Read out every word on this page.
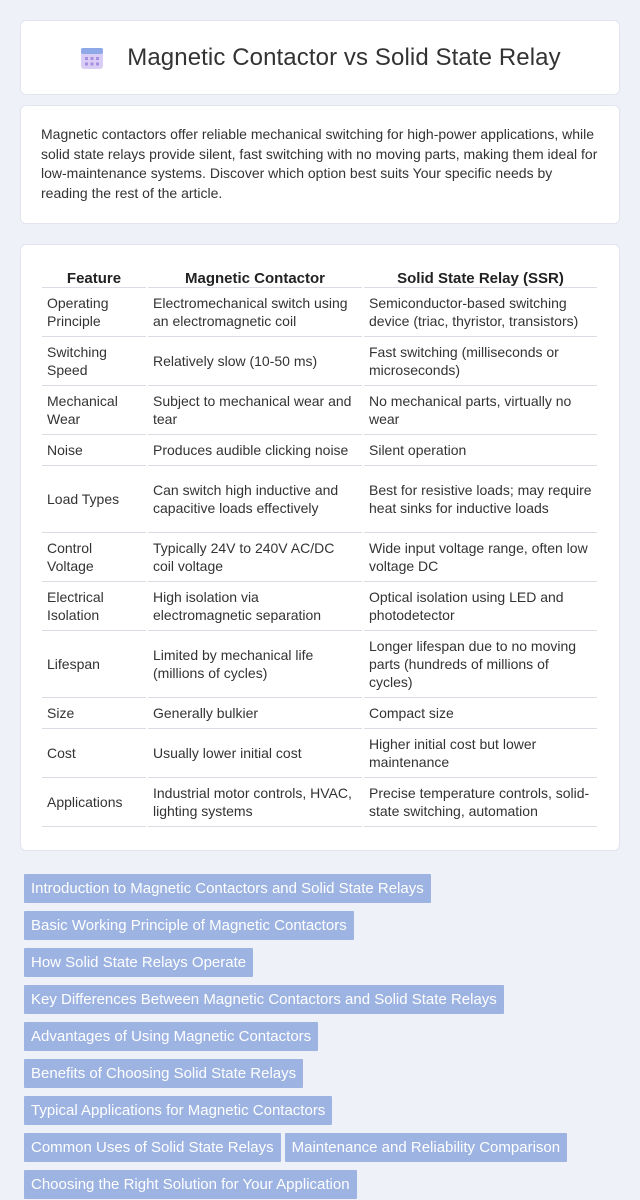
Magnetic Contactor vs Solid State Relay

Magnetic contactors offer reliable mechanical switching for high-power applications, while solid state relays provide silent, fast switching with no moving parts, making them ideal for low-maintenance systems. Discover which option best suits Your specific needs by reading the rest of the article.

Feature	Magnetic Contactor	Solid State Relay (SSR)
Operating Principle	Electromechanical switch using an electromagnetic coil	Semiconductor-based switching device (triac, thyristor, transistors)
Switching Speed	Relatively slow (10-50 ms)	Fast switching (milliseconds or microseconds)
Mechanical Wear	Subject to mechanical wear and tear	No mechanical parts, virtually no wear
Noise	Produces audible clicking noise	Silent operation
Load Types	Can switch high inductive and capacitive loads effectively	Best for resistive loads; may require heat sinks for inductive loads
Control Voltage	Typically 24V to 240V AC/DC coil voltage	Wide input voltage range, often low voltage DC
Electrical Isolation	High isolation via electromagnetic separation	Optical isolation using LED and photodetector
Lifespan	Limited by mechanical life (millions of cycles)	Longer lifespan due to no moving parts (hundreds of millions of cycles)
Size	Generally bulkier	Compact size
Cost	Usually lower initial cost	Higher initial cost but lower maintenance
Applications	Industrial motor controls, HVAC, lighting systems	Precise temperature controls, solid-state switching, automation
Introduction to Magnetic Contactors and Solid State Relays
Basic Working Principle of Magnetic Contactors
How Solid State Relays Operate
Key Differences Between Magnetic Contactors and Solid State Relays
Advantages of Using Magnetic Contactors
Benefits of Choosing Solid State Relays
Typical Applications for Magnetic Contactors
Common Uses of Solid State Relays Maintenance and Reliability Comparison
Choosing the Right Solution for Your Application
